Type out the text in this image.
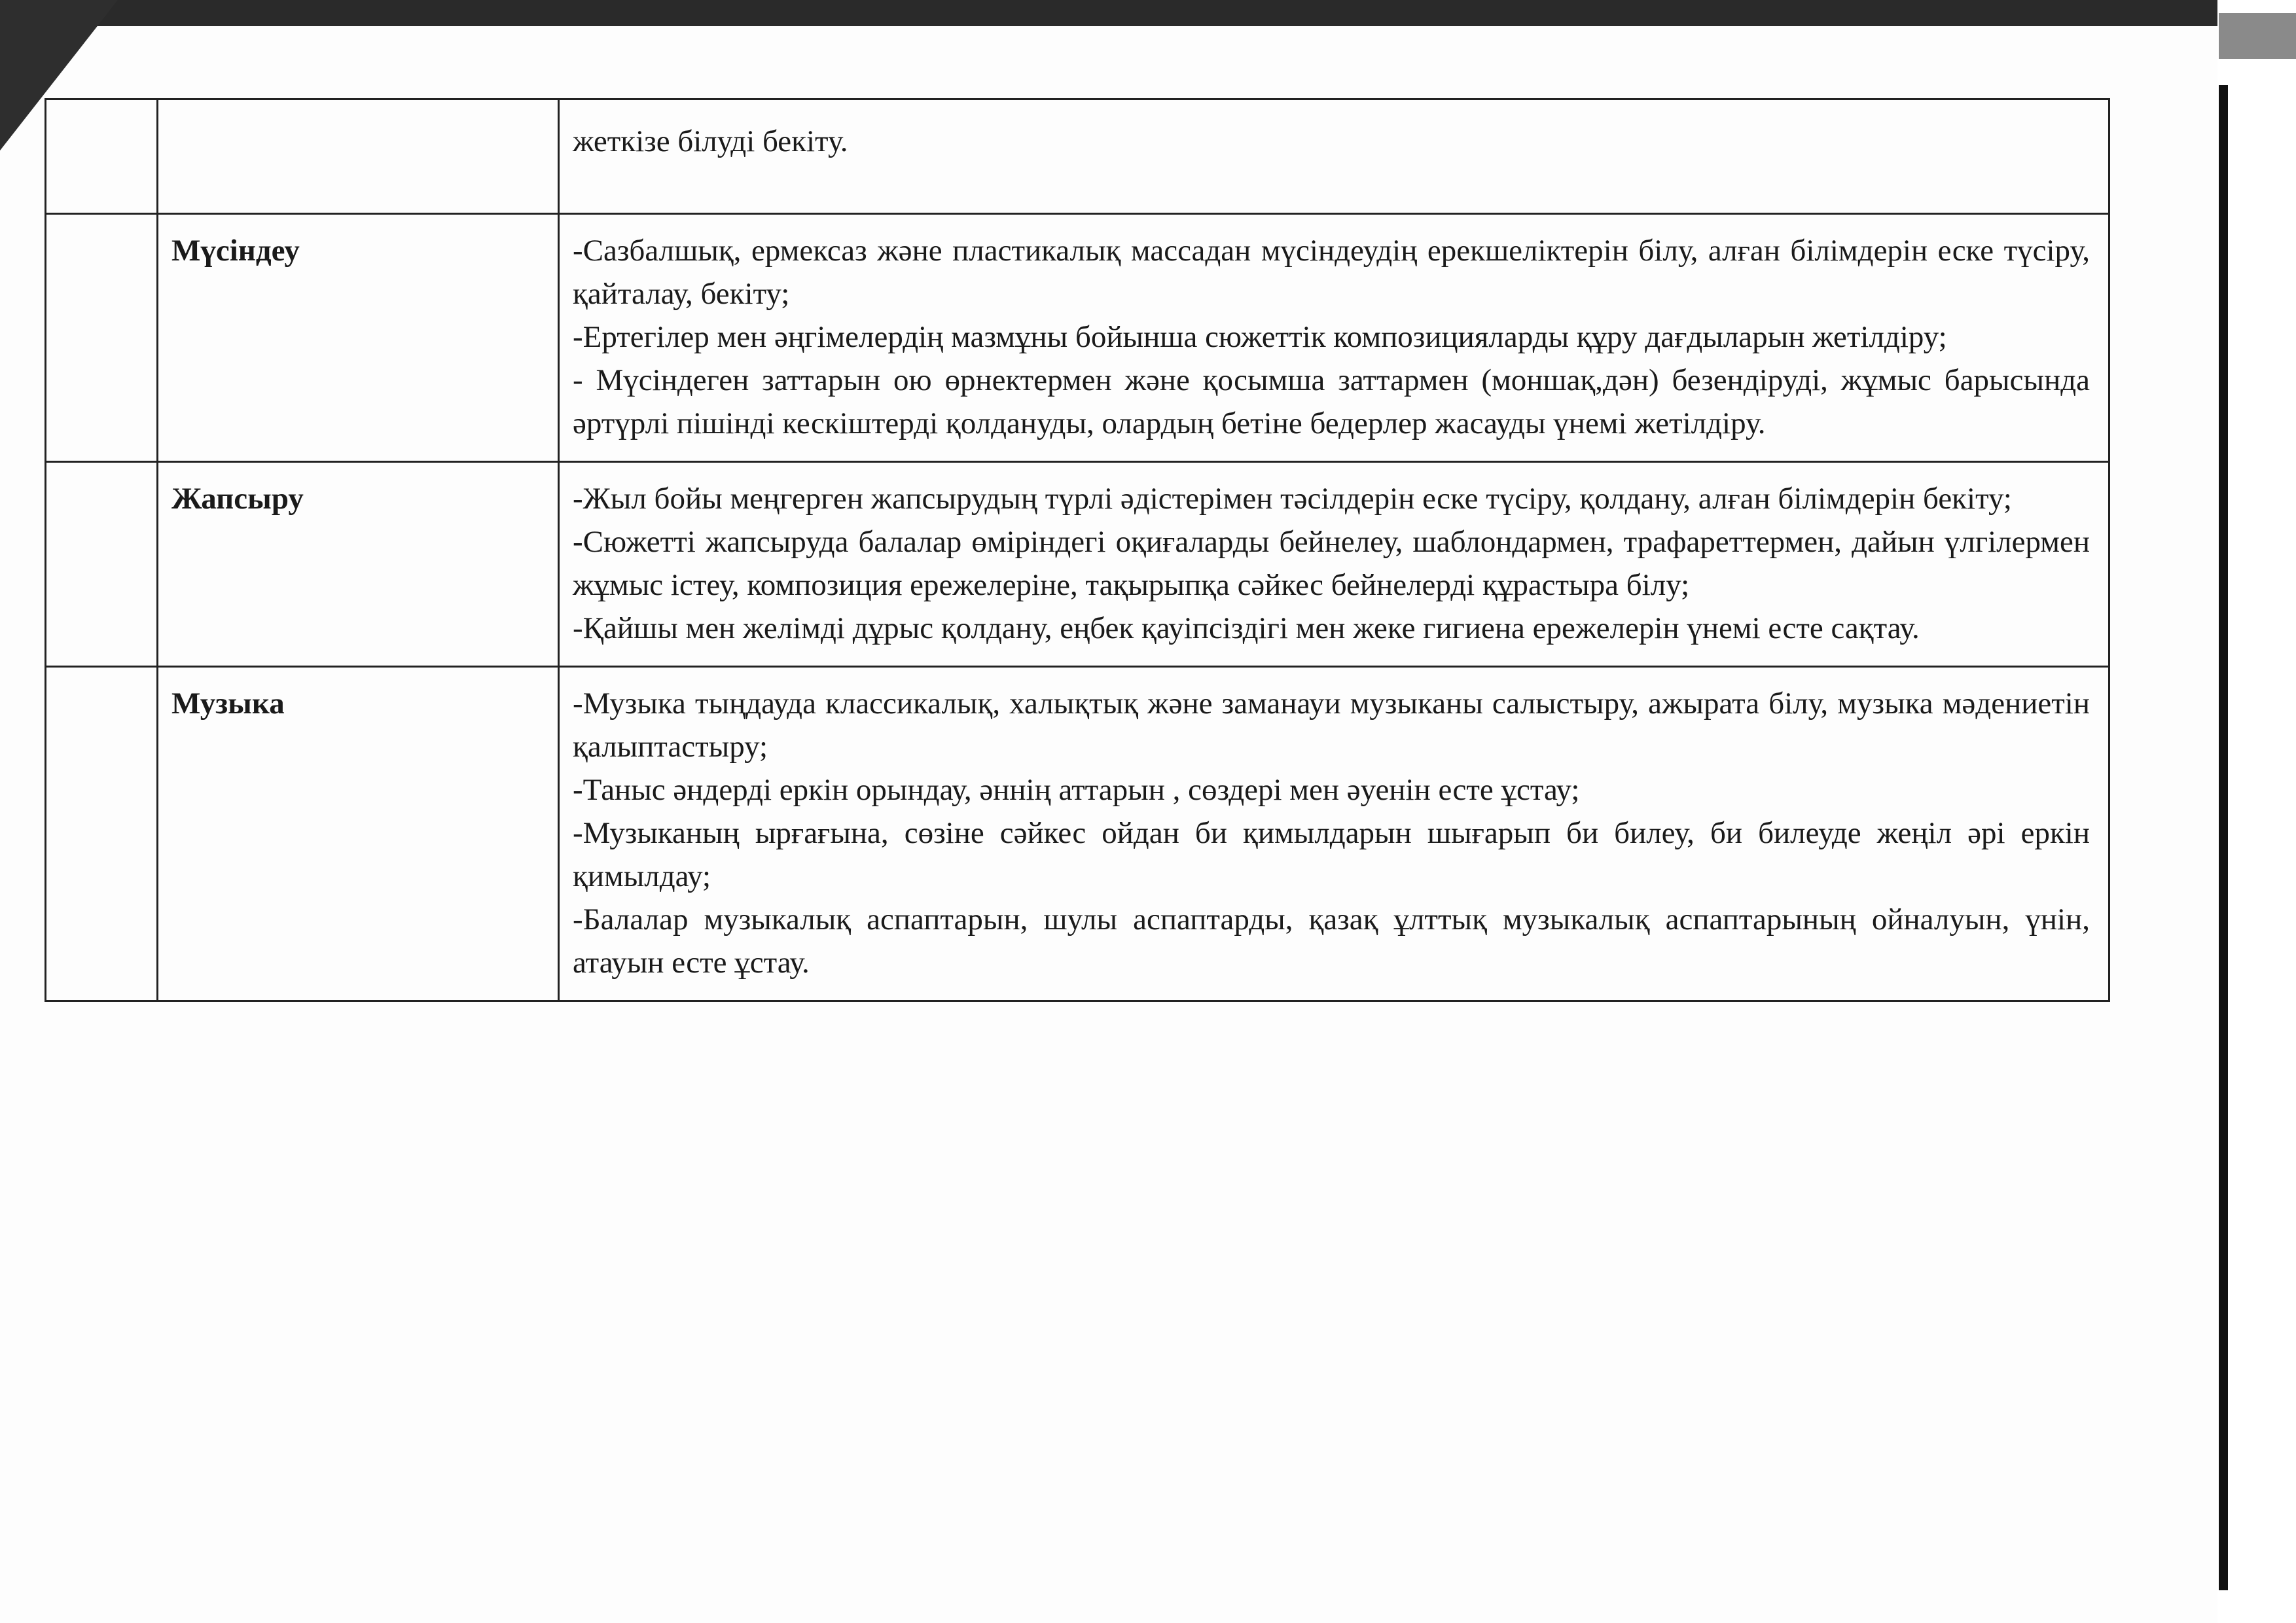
		жеткізе білуді бекіту.

	Мүсіндеу	-Сазбалшық, ермексаз және пластикалық массадан мүсіндеудің ерекшеліктерін білу, алған білімдерін еске түсіру, қайталау, бекіту;
-Ертегілер мен әңгімелердің мазмұны бойынша сюжеттік композицияларды құру дағдыларын жетілдіру;
- Мүсіндеген заттарын ою өрнектермен және қосымша заттармен (моншақ,дән) безендіруді, жұмыс барысында әртүрлі пішінді кескіштерді қолдануды, олардың бетіне бедерлер жасауды үнемі жетілдіру.

	Жапсыру	-Жыл бойы меңгерген жапсырудың түрлі әдістерімен тәсілдерін еске түсіру, қолдану, алған білімдерін бекіту;
-Сюжетті жапсыруда балалар өміріндегі оқиғаларды бейнелеу, шаблондармен, трафареттермен, дайын үлгілермен жұмыс істеу, композиция ережелеріне, тақырыпқа сәйкес бейнелерді құрастыра білу;
-Қайшы мен желімді дұрыс қолдану, еңбек қауіпсіздігі мен жеке гигиена ережелерін үнемі есте сақтау.

	Музыка	-Музыка тыңдауда классикалық, халықтық және заманауи музыканы салыстыру, ажырата білу, музыка мәдениетін қалыптастыру;
-Таныс әндерді еркін орындау, әннің аттарын , сөздері мен әуенін есте ұстау;
-Музыканың ырғағына, сөзіне сәйкес ойдан би қимылдарын шығарып би билеу, би билеуде жеңіл әрі еркін қимылдау;
-Балалар музыкалық аспаптарын, шулы аспаптарды, қазақ ұлттық музыкалық аспаптарының ойналуын, үнін, атауын есте ұстау.
